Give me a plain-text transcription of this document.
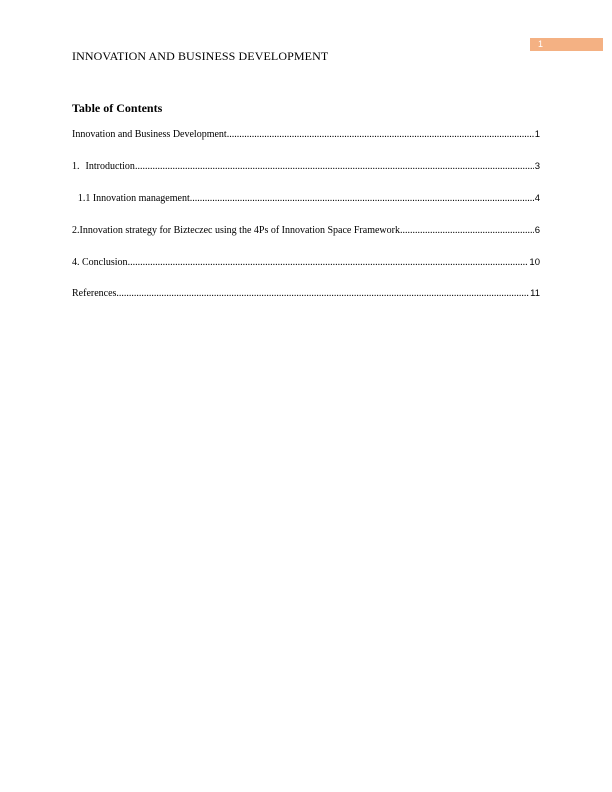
1
INNOVATION AND BUSINESS DEVELOPMENT
Table of Contents
Innovation and Business Development .....	1
1. Introduction .....	3
1.1 Innovation management .....	4
2. Innovation strategy for Bizteczec using the 4Ps of Innovation Space Framework .....	6
4. Conclusion .....	10
References .....	11
